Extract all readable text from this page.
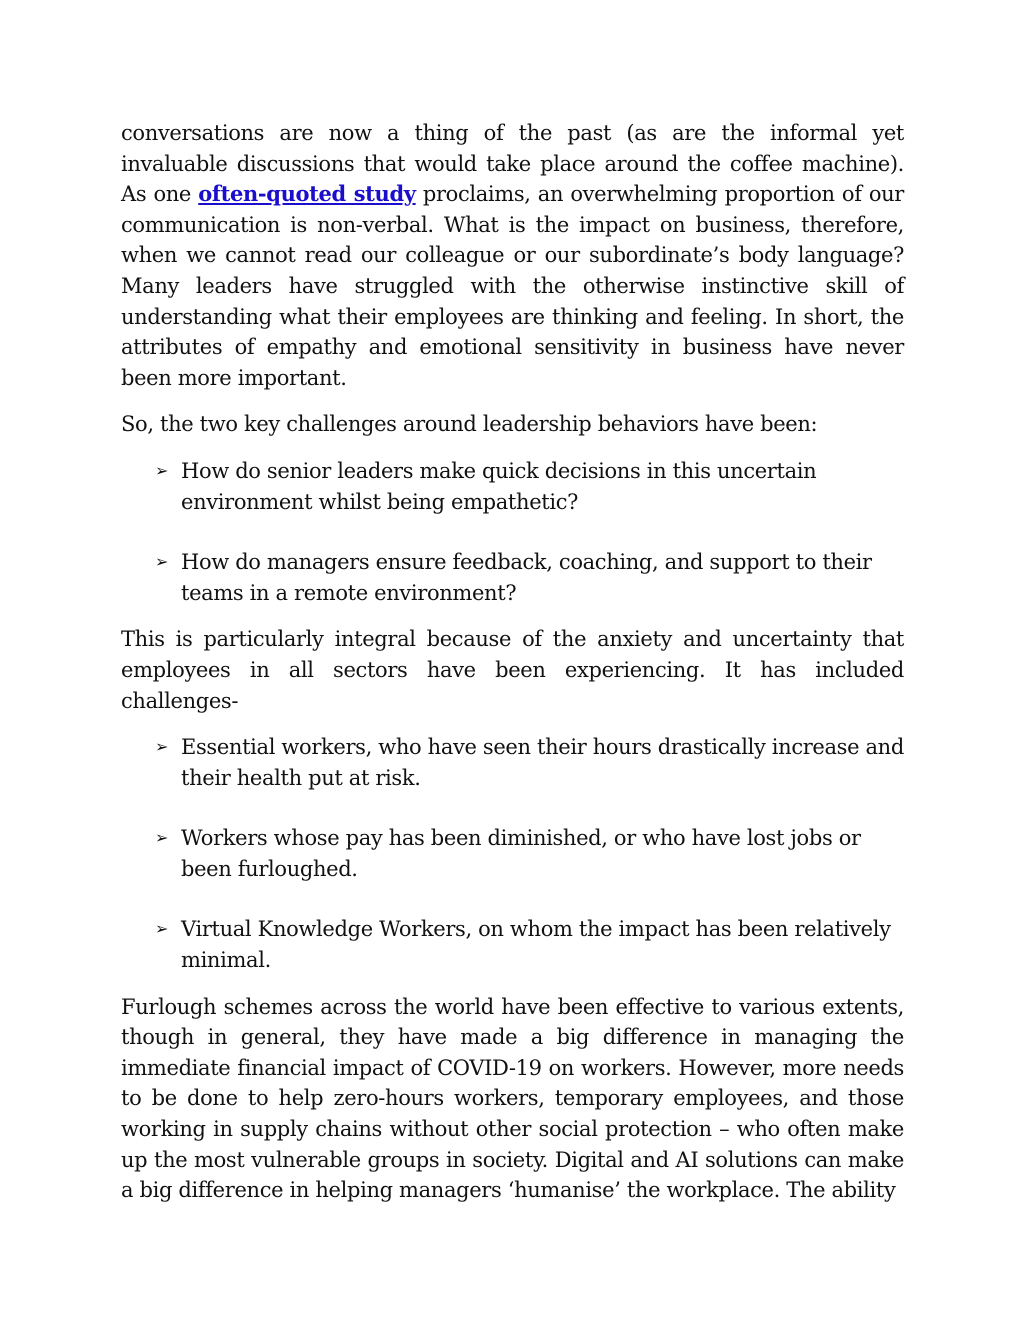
conversations are now a thing of the past (as are the informal yet invaluable discussions that would take place around the coffee machine). As one often-quoted study proclaims, an overwhelming proportion of our communication is non-verbal. What is the impact on business, therefore, when we cannot read our colleague or our subordinate’s body language? Many leaders have struggled with the otherwise instinctive skill of understanding what their employees are thinking and feeling. In short, the attributes of empathy and emotional sensitivity in business have never been more important.

So, the two key challenges around leadership behaviors have been:

➢ How do senior leaders make quick decisions in this uncertain environment whilst being empathetic?
➢ How do managers ensure feedback, coaching, and support to their teams in a remote environment?

This is particularly integral because of the anxiety and uncertainty that employees in all sectors have been experiencing. It has included challenges-

➢ Essential workers, who have seen their hours drastically increase and their health put at risk.
➢ Workers whose pay has been diminished, or who have lost jobs or been furloughed.
➢ Virtual Knowledge Workers, on whom the impact has been relatively minimal.

Furlough schemes across the world have been effective to various extents, though in general, they have made a big difference in managing the immediate financial impact of COVID-19 on workers. However, more needs to be done to help zero-hours workers, temporary employees, and those working in supply chains without other social protection – who often make up the most vulnerable groups in society. Digital and AI solutions can make a big difference in helping managers ‘humanise’ the workplace. The ability
